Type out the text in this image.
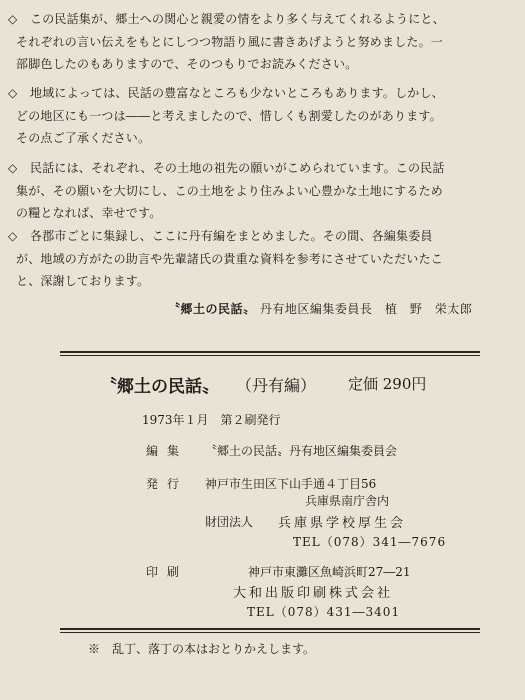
◇ この民話集が、郷土への関心と親愛の情をより多く与えてくれるようにと、
それぞれの言い伝えをもとにしつつ物語り風に書きあげようと努めました。一
部脚色したのもありますので、そのつもりでお読みください。
◇ 地域によっては、民話の豊富なところも少ないところもあります。しかし、
どの地区にも一つは――と考えましたので、惜しくも割愛したのがあります。
その点ご了承ください。
◇ 民話には、それぞれ、その土地の祖先の願いがこめられています。この民話
集が、その願いを大切にし、この土地をより住みよい心豊かな土地にするため
の糧となれば、幸せです。
◇ 各郡市ごとに集録し、ここに丹有編をまとめました。その間、各編集委員
が、地域の方がたの助言や先輩諸氏の貴重な資料を参考にさせていただいたこ
と、深謝しております。
〝郷土の民話〟 丹有地区編集委員長　植　野　栄太郎
〝郷土の民話〟 （丹有編） 定価 290円
1973年１月　第２刷発行
編集 〝郷土の民話〟丹有地区編集委員会
発行 神戸市生田区下山手通４丁目56
兵庫県南庁舎内
財団法人 兵庫県学校厚生会
TEL（078）341―7676
印刷	神戸市東灘区魚崎浜町27―21
大和出版印刷株式会社
TEL（078）431―3401
※　乱丁、落丁の本はおとりかえします。
